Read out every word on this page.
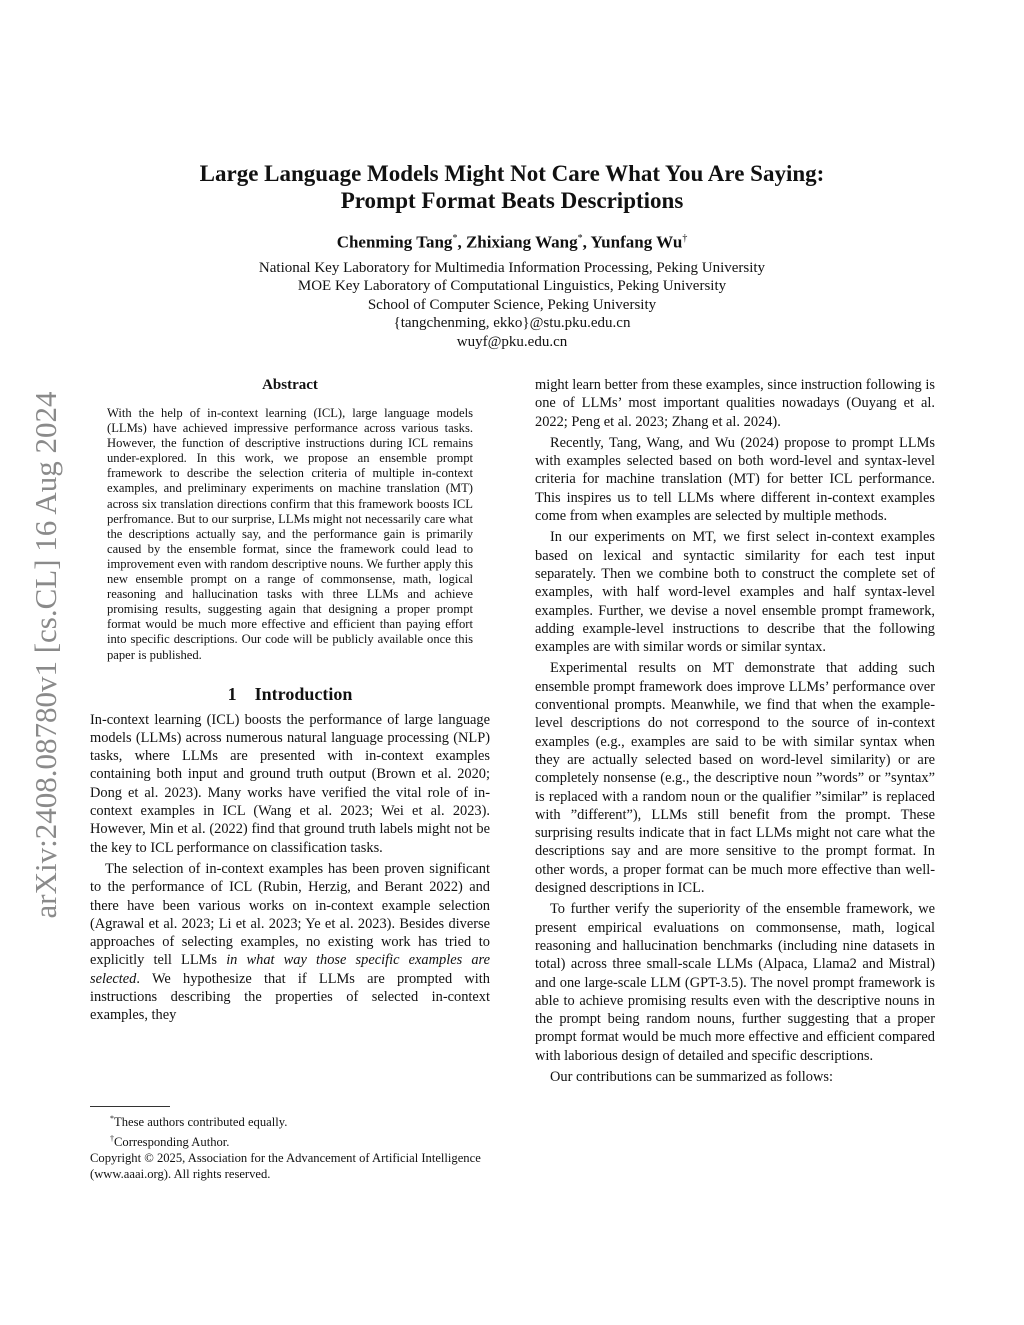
arXiv:2408.08780v1 [cs.CL] 16 Aug 2024
Large Language Models Might Not Care What You Are Saying:
Prompt Format Beats Descriptions
Chenming Tang*, Zhixiang Wang*, Yunfang Wu†
National Key Laboratory for Multimedia Information Processing, Peking University
MOE Key Laboratory of Computational Linguistics, Peking University
School of Computer Science, Peking University
{tangchenming, ekko}@stu.pku.edu.cn
wuyf@pku.edu.cn
Abstract
With the help of in-context learning (ICL), large language models (LLMs) have achieved impressive performance across various tasks. However, the function of descriptive instructions during ICL remains under-explored. In this work, we propose an ensemble prompt framework to describe the selection criteria of multiple in-context examples, and preliminary experiments on machine translation (MT) across six translation directions confirm that this framework boosts ICL perfromance. But to our surprise, LLMs might not necessarily care what the descriptions actually say, and the performance gain is primarily caused by the ensemble format, since the framework could lead to improvement even with random descriptive nouns. We further apply this new ensemble prompt on a range of commonsense, math, logical reasoning and hallucination tasks with three LLMs and achieve promising results, suggesting again that designing a proper prompt format would be much more effective and efficient than paying effort into specific descriptions. Our code will be publicly available once this paper is published.
1 Introduction

In-context learning (ICL) boosts the performance of large language models (LLMs) across numerous natural language processing (NLP) tasks, where LLMs are presented with in-context examples containing both input and ground truth output (Brown et al. 2020; Dong et al. 2023). Many works have verified the vital role of in-context examples in ICL (Wang et al. 2023; Wei et al. 2023). However, Min et al. (2022) find that ground truth labels might not be the key to ICL performance on classification tasks.

The selection of in-context examples has been proven significant to the performance of ICL (Rubin, Herzig, and Berant 2022) and there have been various works on in-context example selection (Agrawal et al. 2023; Li et al. 2023; Ye et al. 2023). Besides diverse approaches of selecting examples, no existing work has tried to explicitly tell LLMs in what way those specific examples are selected. We hypothesize that if LLMs are prompted with instructions describing the properties of selected in-context examples, they

*These authors contributed equally.
†Corresponding Author.
Copyright © 2025, Association for the Advancement of Artificial Intelligence (www.aaai.org). All rights reserved.

might learn better from these examples, since instruction following is one of LLMs’ most important qualities nowadays (Ouyang et al. 2022; Peng et al. 2023; Zhang et al. 2024).

Recently, Tang, Wang, and Wu (2024) propose to prompt LLMs with examples selected based on both word-level and syntax-level criteria for machine translation (MT) for better ICL performance. This inspires us to tell LLMs where different in-context examples come from when examples are selected by multiple methods.

In our experiments on MT, we first select in-context examples based on lexical and syntactic similarity for each test input separately. Then we combine both to construct the complete set of examples, with half word-level examples and half syntax-level examples. Further, we devise a novel ensemble prompt framework, adding example-level instructions to describe that the following examples are with similar words or similar syntax.

Experimental results on MT demonstrate that adding such ensemble prompt framework does improve LLMs’ performance over conventional prompts. Meanwhile, we find that when the example-level descriptions do not correspond to the source of in-context examples (e.g., examples are said to be with similar syntax when they are actually selected based on word-level similarity) or are completely nonsense (e.g., the descriptive noun ”words” or ”syntax” is replaced with a random noun or the qualifier ”similar” is replaced with ”different”), LLMs still benefit from the prompt. These surprising results indicate that in fact LLMs might not care what the descriptions say and are more sensitive to the prompt format. In other words, a proper format can be much more effective than well-designed descriptions in ICL.

To further verify the superiority of the ensemble framework, we present empirical evaluations on commonsense, math, logical reasoning and hallucination benchmarks (including nine datasets in total) across three small-scale LLMs (Alpaca, Llama2 and Mistral) and one large-scale LLM (GPT-3.5). The novel prompt framework is able to achieve promising results even with the descriptive nouns in the prompt being random nouns, further suggesting that a proper prompt format would be much more effective and efficient compared with laborious design of detailed and specific descriptions.

Our contributions can be summarized as follows:
